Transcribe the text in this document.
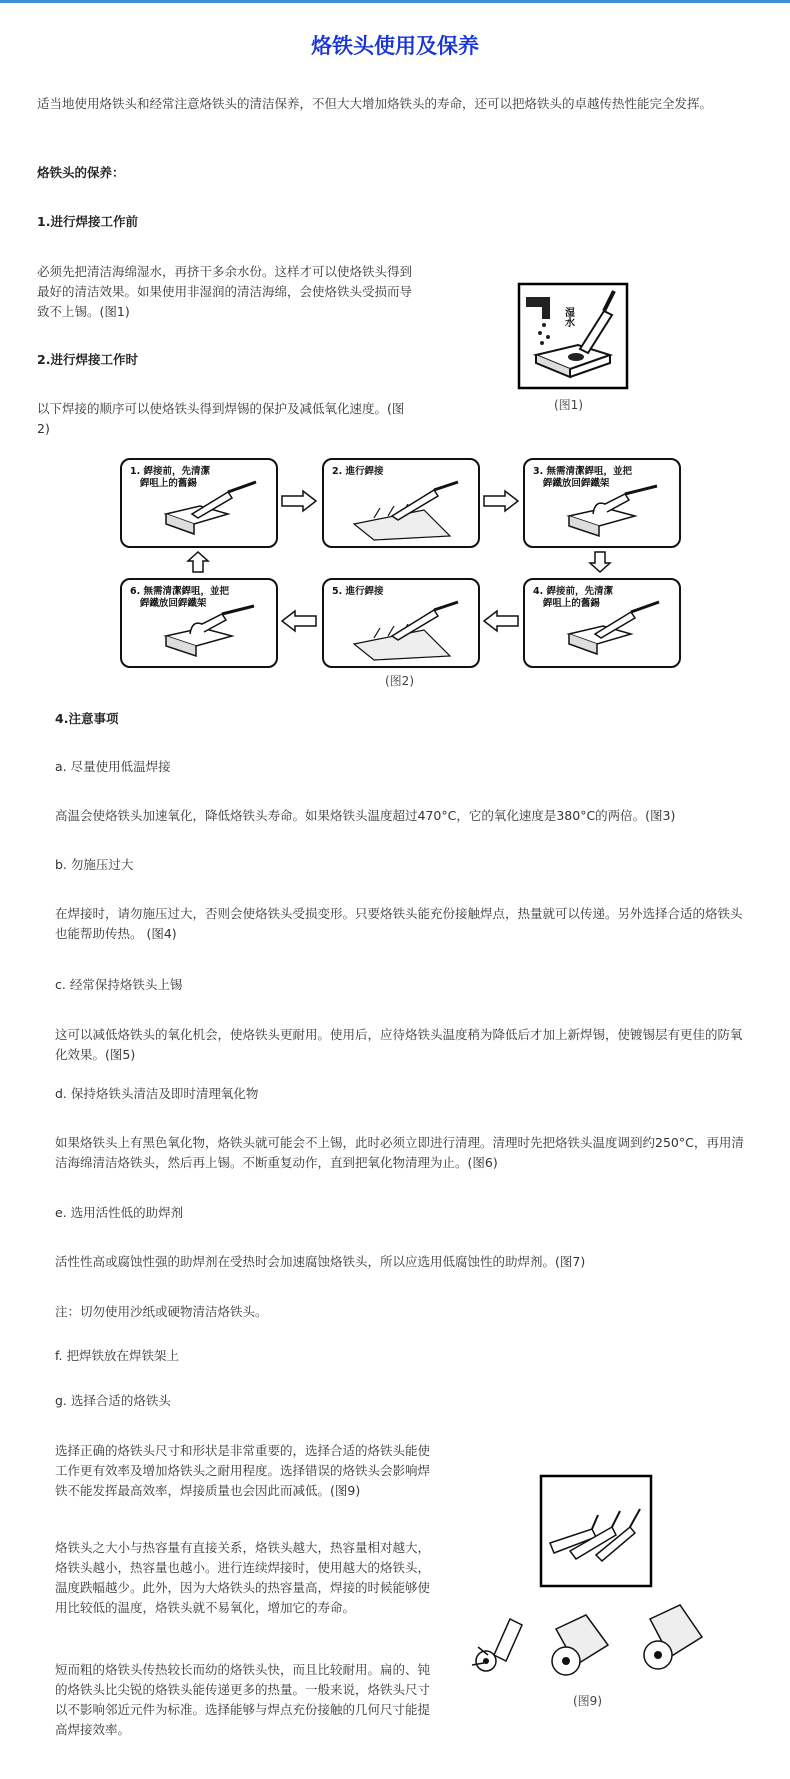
烙铁头使用及保养
适当地使用烙铁头和经常注意烙铁头的清洁保养，不但大大增加烙铁头的寿命，还可以把烙铁头的卓越传热性能完全发挥。
烙铁头的保养：
1.进行焊接工作前
必须先把清洁海绵湿水，再挤干多余水份。这样才可以使烙铁头得到最好的清洁效果。如果使用非湿润的清洁海绵，会使烙铁头受损而导致不上锡。(图1)	湿水
(图1)
2.进行焊接工作时
以下焊接的顺序可以使烙铁头得到焊锡的保护及减低氧化速度。(图2)
1. 銲接前，先清潔
銲咀上的舊錫
2. 進行銲接	3. 無需清潔銲咀，並把
銲鐵放回銲鐵架
6. 無需清潔銲咀，並把
銲鐵放回銲鐵架
5. 進行銲接	4. 銲接前，先清潔
銲咀上的舊錫
(图2)
4.注意事项
a. 尽量使用低温焊接
高温会使烙铁头加速氧化，降低烙铁头寿命。如果烙铁头温度超过470°C，它的氧化速度是380°C的两倍。(图3)
b. 勿施压过大
在焊接时，请勿施压过大，否则会使烙铁头受损变形。只要烙铁头能充份接触焊点，热量就可以传递。另外选择合适的烙铁头也能帮助传热。 (图4)
c. 经常保持烙铁头上锡
这可以减低烙铁头的氧化机会，使烙铁头更耐用。使用后，应待烙铁头温度稍为降低后才加上新焊锡，使镀锡层有更佳的防氧化效果。(图5)
d. 保持烙铁头清洁及即时清理氧化物
如果烙铁头上有黑色氧化物，烙铁头就可能会不上锡，此时必须立即进行清理。清理时先把烙铁头温度调到约250°C，再用清洁海绵清洁烙铁头，然后再上锡。不断重复动作，直到把氧化物清理为止。(图6)
e. 选用活性低的助焊剂
活性性高或腐蚀性强的助焊剂在受热时会加速腐蚀烙铁头，所以应选用低腐蚀性的助焊剂。(图7)
注：切勿使用沙纸或硬物清洁烙铁头。
f. 把焊铁放在焊铁架上
g. 选择合适的烙铁头
选择正确的烙铁头尺寸和形状是非常重要的，选择合适的烙铁头能使工作更有效率及增加烙铁头之耐用程度。选择错误的烙铁头会影响焊铁不能发挥最高效率，焊接质量也会因此而减低。(图9)
烙铁头之大小与热容量有直接关系，烙铁头越大，热容量相对越大，烙铁头越小，热容量也越小。进行连续焊接时，使用越大的烙铁头，温度跌幅越少。此外，因为大烙铁头的热容量高，焊接的时候能够使用比较低的温度，烙铁头就不易氧化，增加它的寿命。
短而粗的烙铁头传热较长而幼的烙铁头快，而且比较耐用。扁的、钝的烙铁头比尖锐的烙铁头能传递更多的热量。一般来说，烙铁头尺寸以不影响邻近元件为标准。选择能够与焊点充份接触的几何尺寸能提高焊接效率。
(图9)
